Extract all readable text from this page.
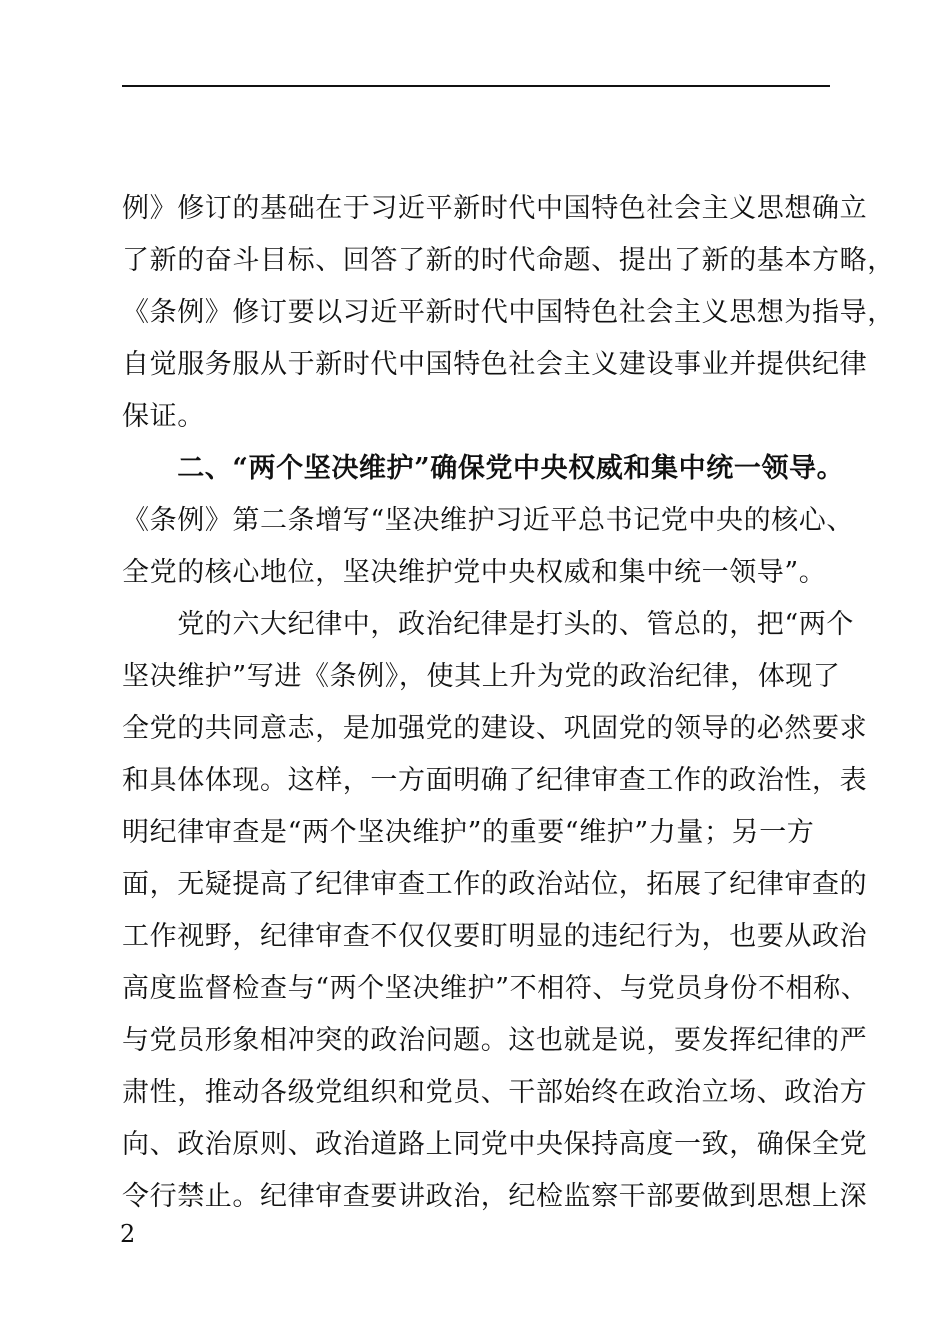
例》修订的基础在于习近平新时代中国特色社会主义思想确立
了新的奋斗目标、回答了新的时代命题、提出了新的基本方略，
《条例》修订要以习近平新时代中国特色社会主义思想为指导，
自觉服务服从于新时代中国特色社会主义建设事业并提供纪律
保证。
　　二、“两个坚决维护”确保党中央权威和集中统一领导。
《条例》第二条增写“坚决维护习近平总书记党中央的核心、
全党的核心地位，坚决维护党中央权威和集中统一领导”。
　　党的六大纪律中，政治纪律是打头的、管总的，把“两个
坚决维护”写进《条例》，使其上升为党的政治纪律，体现了
全党的共同意志，是加强党的建设、巩固党的领导的必然要求
和具体体现。这样，一方面明确了纪律审查工作的政治性，表
明纪律审查是“两个坚决维护”的重要“维护”力量；另一方
面，无疑提高了纪律审查工作的政治站位，拓展了纪律审查的
工作视野，纪律审查不仅仅要盯明显的违纪行为，也要从政治
高度监督检查与“两个坚决维护”不相符、与党员身份不相称、
与党员形象相冲突的政治问题。这也就是说，要发挥纪律的严
肃性，推动各级党组织和党员、干部始终在政治立场、政治方
向、政治原则、政治道路上同党中央保持高度一致，确保全党
令行禁止。纪律审查要讲政治，纪检监察干部要做到思想上深
2
